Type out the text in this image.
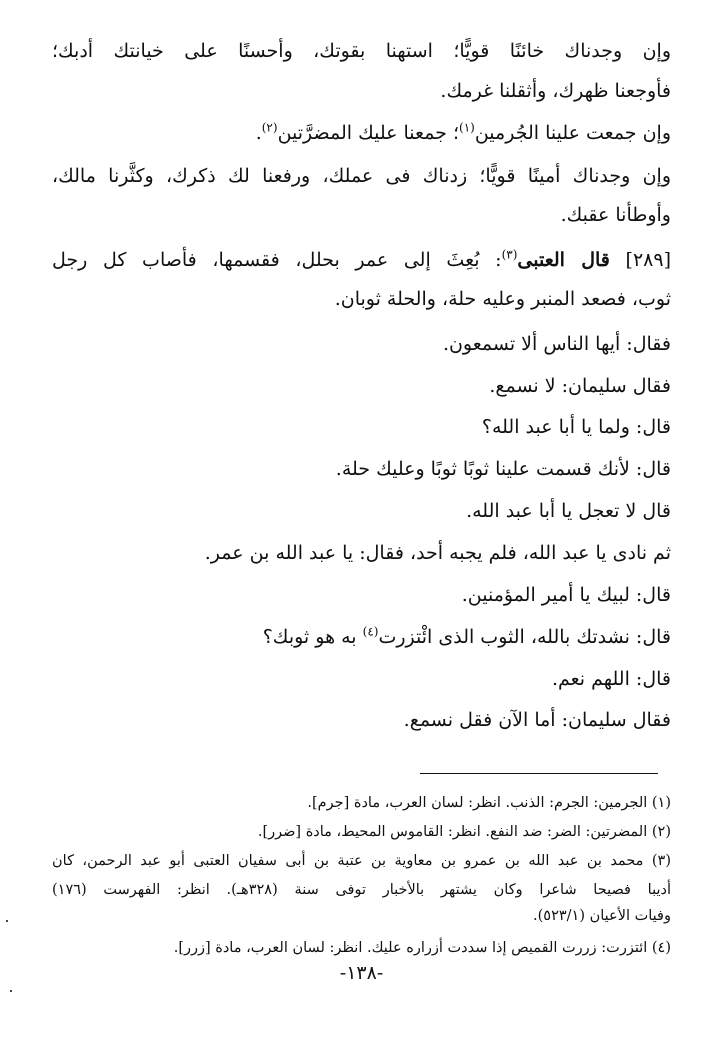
وإن وجدناك خائنًا قويًّا؛ استهنا بقوتك، وأحسنًا على خيانتك أدبك؛
فأوجعنا ظهرك، وأثقلنا غرمك.
وإن جمعت علينا الجُرمين$^{(١)}$؛ جمعنا عليك المضرَّتين$^{(٢)}$.
وإن وجدناك أمينًا قويًّا؛ زدناك فى عملك، ورفعنا لك ذكرك، وكثَّرنا مالك،
وأوطأنا عقبك.
[٢٨٩] قال العتبى$^{(٣)}$: بُعِثَ إلى عمر بحلل، فقسمها، فأصاب كل رجل
ثوب، فصعد المنبر وعليه حلة، والحلة ثوبان.
فقال: أيها الناس ألا تسمعون.
فقال سليمان: لا نسمع.
قال: ولما يا أبا عبد الله؟
قال: لأنك قسمت علينا ثوبًا ثوبًا وعليك حلة.
قال لا تعجل يا أبا عبد الله.
ثم نادى يا عبد الله، فلم يجبه أحد، فقال: يا عبد الله بن عمر.
قال: لبيك يا أمير المؤمنين.
قال: نشدتك بالله، الثوب الذى ائْتزرت$^{(٤)}$ به هو ثوبك؟
قال: اللهم نعم.
فقال سليمان: أما الآن فقل نسمع.
(١) الجرمين: الجرم: الذنب. انظر: لسان العرب، مادة [جرم].
(٢) المضرتين: الضر: ضد النفع. انظر: القاموس المحيط، مادة [ضرر].
(٣) محمد بن عبد الله بن عمرو بن معاوية بن عتبة بن أبى سفيان العتبى أبو عبد الرحمن، كان
أديبا فصيحا شاعرا وكان يشتهر بالأخبار توفى سنة (٣٢٨هـ). انظر: الفهرست (١٧٦)
وفيات الأعيان (٥٢٣/١).
(٤) ائتزرت: زررت القميص إذا سددت أزراره عليك. انظر: لسان العرب، مادة [زرر].
-١٣٨-
